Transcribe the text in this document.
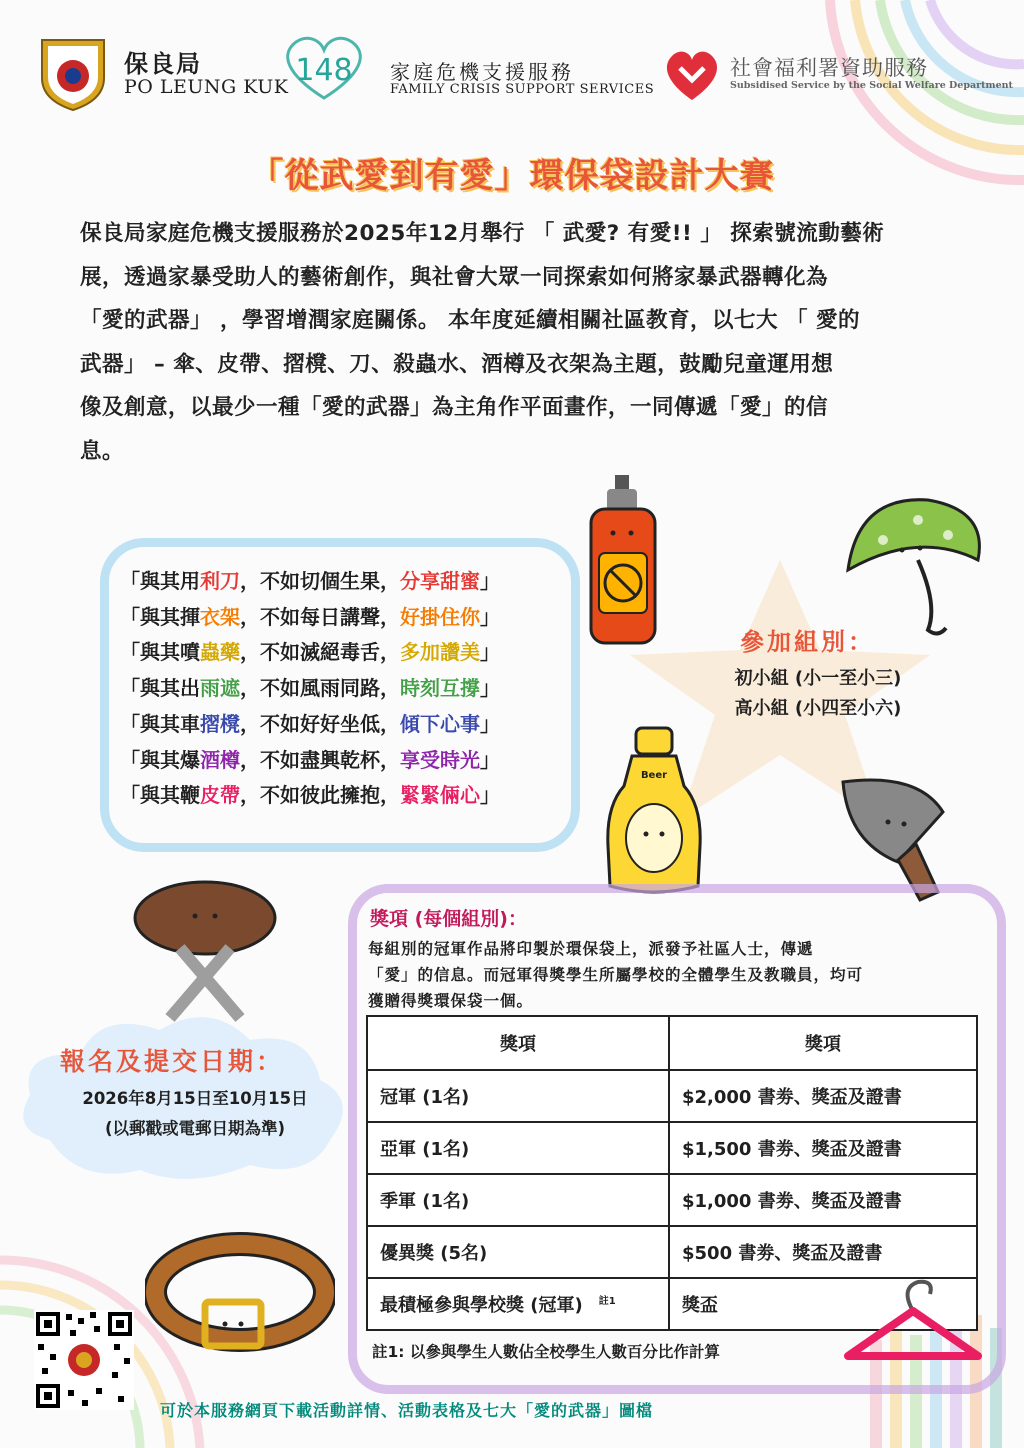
保良局
PO LEUNG KUK 148 家庭危機支援服務
FAMILY CRISIS SUPPORT SERVICES
社會福利署資助服務
Subsidised Service by the Social Welfare Department
「從武愛到有愛」環保袋設計大賽
保良局家庭危機支援服務於2025年12月舉行 「 武愛? 有愛!! 」 探索號流動藝術
展，透過家暴受助人的藝術創作，與社會大眾一同探索如何將家暴武器轉化為
「愛的武器」 ，學習增潤家庭關係。 本年度延續相關社區教育，以七大 「 愛的
武器」 – 傘、皮帶、摺櫈、刀、殺蟲水、酒樽及衣架為主題，鼓勵兒童運用想
像及創意，以最少一種「愛的武器」為主角作平面畫作，一同傳遞「愛」的信
息。
「與其用利刀，不如切個生果，分享甜蜜」
「與其揮衣架，不如每日講聲，好掛住你」
「與其噴蟲藥，不如滅絕毒舌，多加讚美」
「與其出雨遮，不如風雨同路，時刻互撐」
「與其車摺櫈，不如好好坐低，傾下心事」
「與其爆酒樽，不如盡興乾杯，享受時光」
「與其鞭皮帶，不如彼此擁抱，緊緊倆心」
參加組別：
初小組 (小一至小三)
高小組 (小四至小六)
Beer
獎項 (每個組別)：
每組別的冠軍作品將印製於環保袋上，派發予社區人士，傳遞
「愛」的信息。而冠軍得獎學生所屬學校的全體學生及教職員，均可
獲贈得獎環保袋一個。
獎項	獎項
冠軍 (1名)	$2,000 書劵、獎盃及證書
亞軍 (1名)	$1,500 書劵、獎盃及證書
季軍 (1名)	$1,000 書劵、獎盃及證書
優異獎 (5名)	$500 書劵、獎盃及證書
最積極參與學校獎 (冠軍) $^{註1}$	獎盃
註1: 以參與學生人數佔全校學生人數百分比作計算
報名及提交日期：
2026年8月15日至10月15日
(以郵戳或電郵日期為準)
可於本服務網頁下載活動詳情、活動表格及七大「愛的武器」圖檔
